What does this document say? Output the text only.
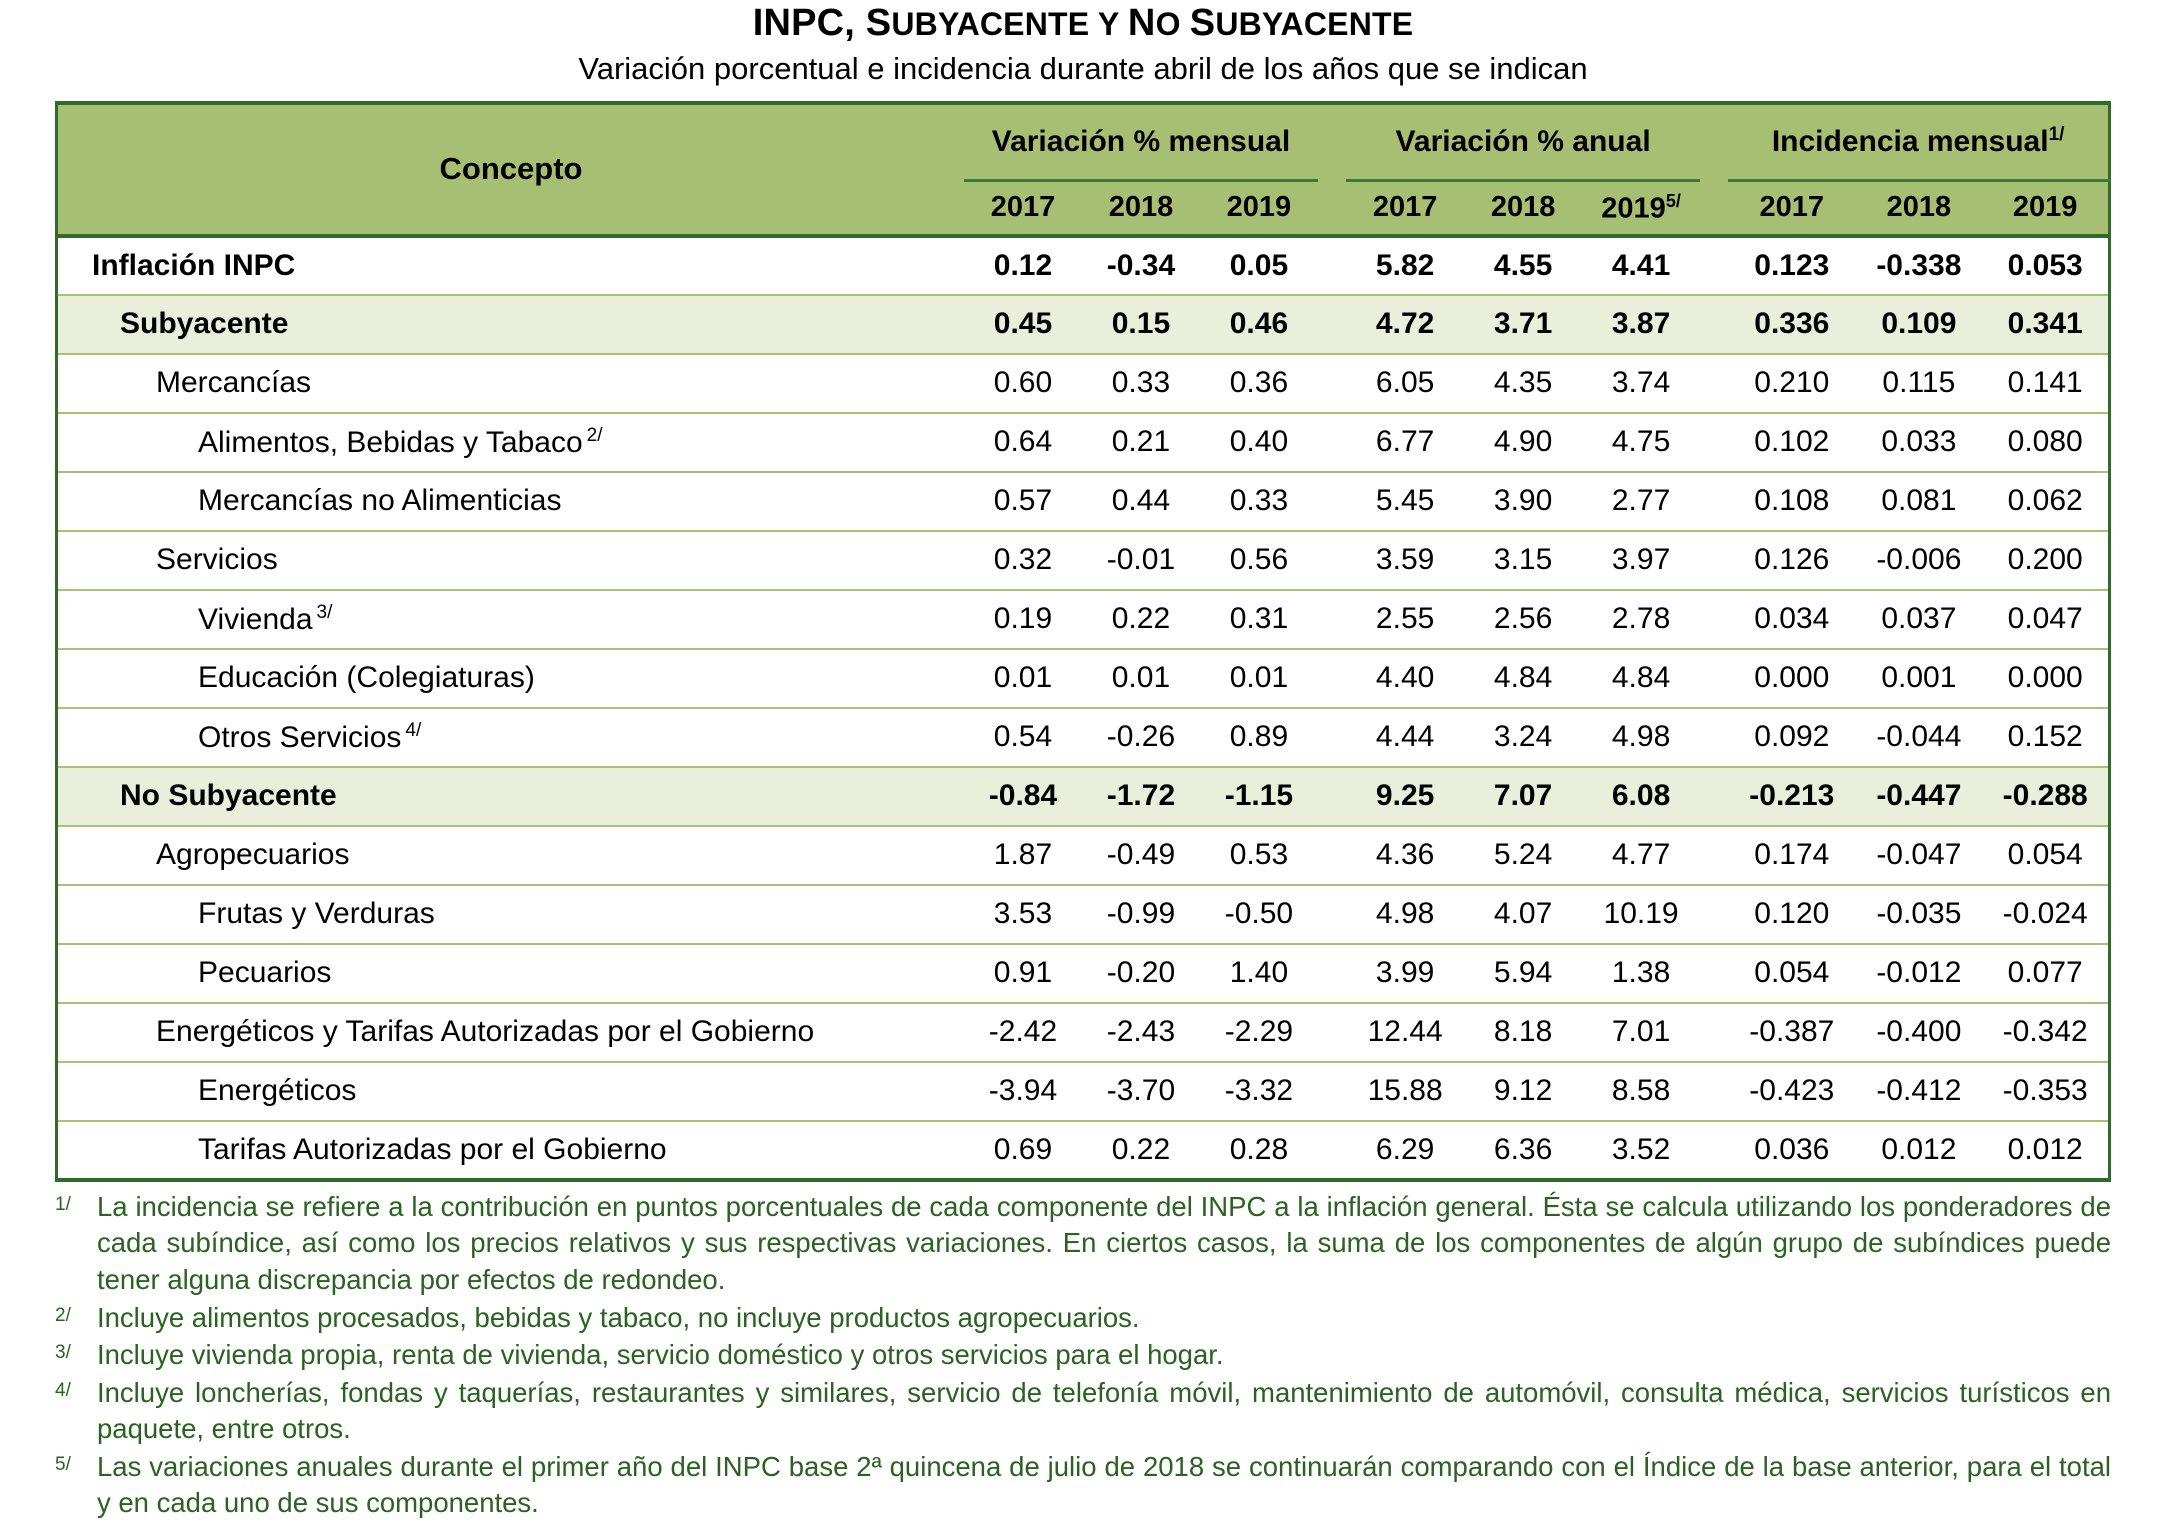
INPC, SUBYACENTE Y NO SUBYACENTE
Variación porcentual e incidencia durante abril de los años que se indican
Concepto	Variación % mensual				Variación % anual				Incidencia mensual$^{1/}$
	2017	2018	2019		2017	2018	$2019^{5/}$		2017	2018	2019
Inflación INPC	0.12	-0.34	0.05		5.82	4.55	4.41		0.123	-0.338	0.053
Subyacente	0.45	0.15	0.46		4.72	3.71	3.87		0.336	0.109	0.341
Mercancías	0.60	0.33	0.36		6.05	4.35	3.74		0.210	0.115	0.141
Alimentos, Bebidas y Tabaco $^{2/}$	0.64	0.21	0.40		6.77	4.90	4.75		0.102	0.033	0.080
Mercancías no Alimenticias	0.57	0.44	0.33		5.45	3.90	2.77		0.108	0.081	0.062
Servicios	0.32	-0.01	0.56		3.59	3.15	3.97		0.126	-0.006	0.200
Vivienda $^{3/}$	0.19	0.22	0.31		2.55	2.56	2.78		0.034	0.037	0.047
Educación (Colegiaturas)	0.01	0.01	0.01		4.40	4.84	4.84		0.000	0.001	0.000
Otros Servicios $^{4/}$	0.54	-0.26	0.89		4.44	3.24	4.98		0.092	-0.044	0.152
No Subyacente	-0.84	-1.72	-1.15		9.25	7.07	6.08		-0.213	-0.447	-0.288
Agropecuarios	1.87	-0.49	0.53		4.36	5.24	4.77		0.174	-0.047	0.054
Frutas y Verduras	3.53	-0.99	-0.50		4.98	4.07	10.19		0.120	-0.035	-0.024
Pecuarios	0.91	-0.20	1.40		3.99	5.94	1.38		0.054	-0.012	0.077
Energéticos y Tarifas Autorizadas por el Gobierno	-2.42	-2.43	-2.29		12.44	8.18	7.01		-0.387	-0.400	-0.342
Energéticos	-3.94	-3.70	-3.32		15.88	9.12	8.58		-0.423	-0.412	-0.353
Tarifas Autorizadas por el Gobierno	0.69	0.22	0.28		6.29	6.36	3.52		0.036	0.012	0.012
1/ La incidencia se refiere a la contribución en puntos porcentuales de cada componente del INPC a la inflación general. Ésta se calcula utilizando los ponderadores de cada subíndice, así como los precios relativos y sus respectivas variaciones. En ciertos casos, la suma de los componentes de algún grupo de subíndices puede tener alguna discrepancia por efectos de redondeo.
2/ Incluye alimentos procesados, bebidas y tabaco, no incluye productos agropecuarios.
3/ Incluye vivienda propia, renta de vivienda, servicio doméstico y otros servicios para el hogar.
4/ Incluye loncherías, fondas y taquerías, restaurantes y similares, servicio de telefonía móvil, mantenimiento de automóvil, consulta médica, servicios turísticos en paquete, entre otros.
5/ Las variaciones anuales durante el primer año del INPC base 2ª quincena de julio de 2018 se continuarán comparando con el Índice de la base anterior, para el total y en cada uno de sus componentes.
